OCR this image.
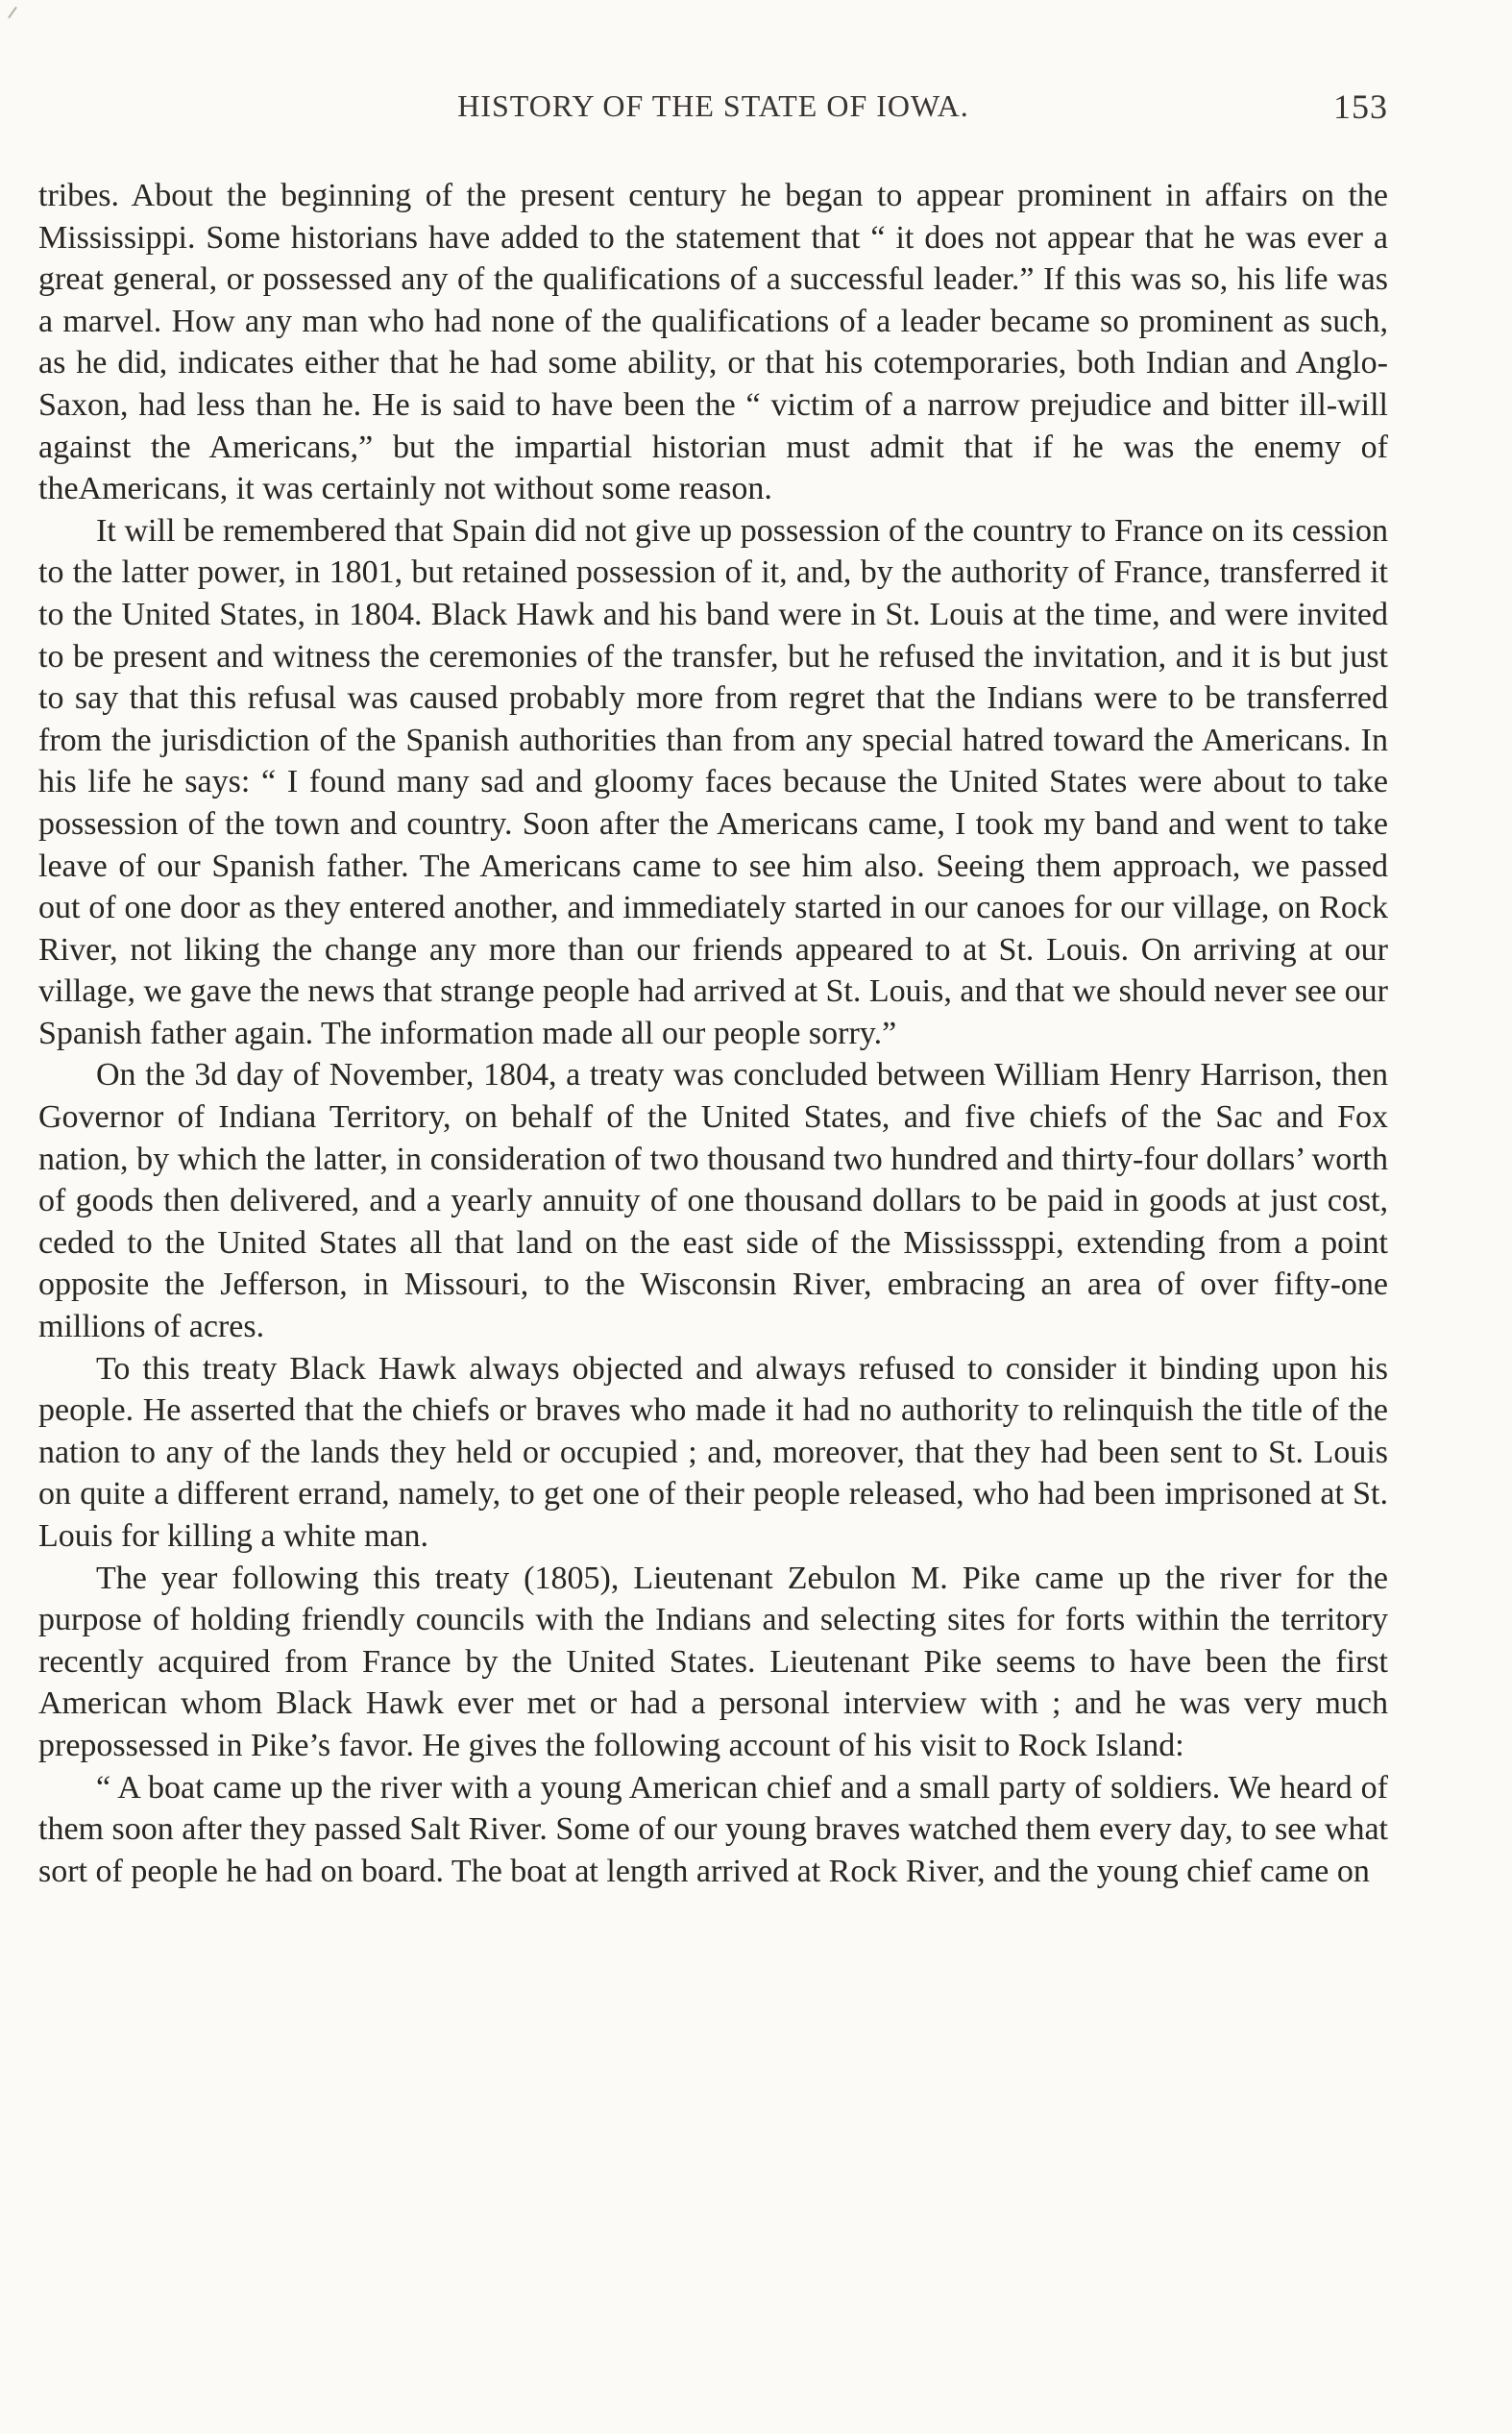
HISTORY OF THE STATE OF IOWA.	153

tribes. About the beginning of the present century he began to appear prominent in affairs on the Mississippi. Some historians have added to the statement that “ it does not appear that he was ever a great general, or possessed any of the qualifications of a successful leader.” If this was so, his life was a marvel. How any man who had none of the qualifications of a leader became so prominent as such, as he did, indicates either that he had some ability, or that his cotemporaries, both Indian and Anglo-Saxon, had less than he. He is said to have been the “ victim of a narrow prejudice and bitter ill-will against the Americans,” but the impartial historian must admit that if he was the enemy of theAmericans, it was certainly not without some reason.

It will be remembered that Spain did not give up possession of the country to France on its cession to the latter power, in 1801, but retained possession of it, and, by the authority of France, transferred it to the United States, in 1804. Black Hawk and his band were in St. Louis at the time, and were invited to be present and witness the ceremonies of the transfer, but he refused the invitation, and it is but just to say that this refusal was caused probably more from regret that the Indians were to be transferred from the jurisdiction of the Spanish authorities than from any special hatred toward the Americans. In his life he says: “ I found many sad and gloomy faces because the United States were about to take possession of the town and country. Soon after the Americans came, I took my band and went to take leave of our Spanish father. The Americans came to see him also. Seeing them approach, we passed out of one door as they entered another, and immediately started in our canoes for our village, on Rock River, not liking the change any more than our friends appeared to at St. Louis. On arriving at our village, we gave the news that strange people had arrived at St. Louis, and that we should never see our Spanish father again. The information made all our people sorry.”

On the 3d day of November, 1804, a treaty was concluded between William Henry Harrison, then Governor of Indiana Territory, on behalf of the United States, and five chiefs of the Sac and Fox nation, by which the latter, in consideration of two thousand two hundred and thirty-four dollars’ worth of goods then delivered, and a yearly annuity of one thousand dollars to be paid in goods at just cost, ceded to the United States all that land on the east side of the Mississsppi, extending from a point opposite the Jefferson, in Missouri, to the Wisconsin River, embracing an area of over fifty-one millions of acres.

To this treaty Black Hawk always objected and always refused to consider it binding upon his people. He asserted that the chiefs or braves who made it had no authority to relinquish the title of the nation to any of the lands they held or occupied ; and, moreover, that they had been sent to St. Louis on quite a different errand, namely, to get one of their people released, who had been imprisoned at St. Louis for killing a white man.

The year following this treaty (1805), Lieutenant Zebulon M. Pike came up the river for the purpose of holding friendly councils with the Indians and selecting sites for forts within the territory recently acquired from France by the United States. Lieutenant Pike seems to have been the first American whom Black Hawk ever met or had a personal interview with ; and he was very much prepossessed in Pike’s favor. He gives the following account of his visit to Rock Island:

“ A boat came up the river with a young American chief and a small party of soldiers. We heard of them soon after they passed Salt River. Some of our young braves watched them every day, to see what sort of people he had on board. The boat at length arrived at Rock River, and the young chief came on
